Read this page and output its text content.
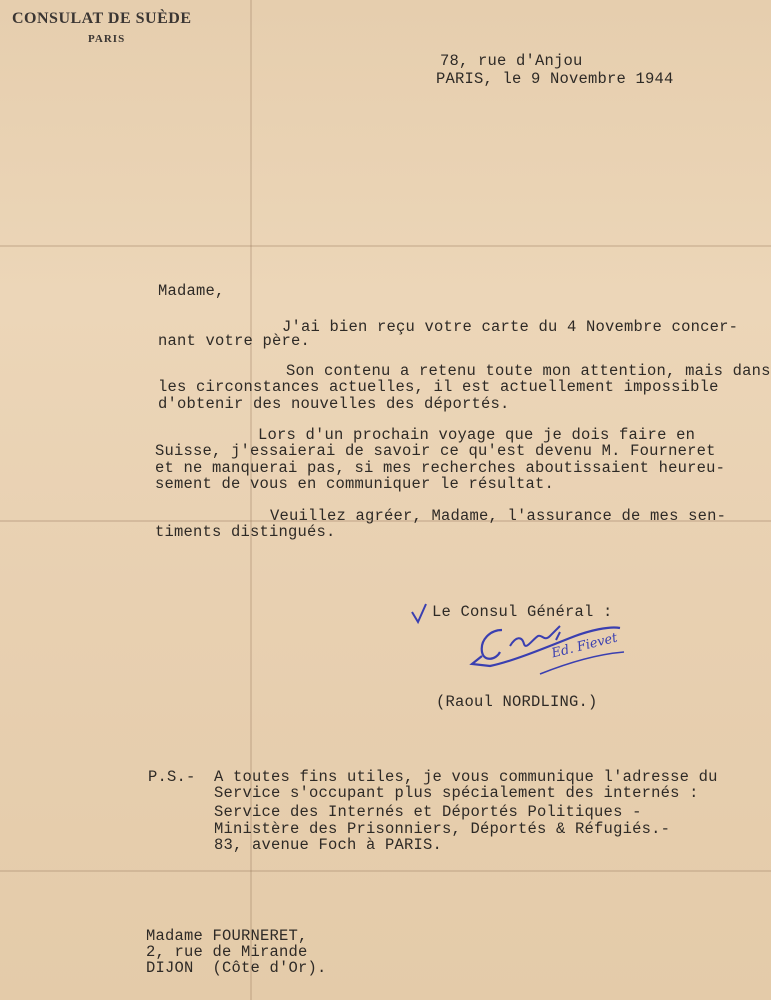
CONSULAT DE SUÈDE
PARIS
78, rue d'Anjou
PARIS, le 9 Novembre 1944
Madame,
J'ai bien reçu votre carte du 4 Novembre concer-
nant votre père.
Son contenu a retenu toute mon attention, mais dans
les circonstances actuelles, il est actuellement impossible
d'obtenir des nouvelles des déportés.
Lors d'un prochain voyage que je dois faire en
Suisse, j'essaierai de savoir ce qu'est devenu M. Fourneret
et ne manquerai pas, si mes recherches aboutissaient heureu-
sement de vous en communiquer le résultat.
Veuillez agréer, Madame, l'assurance de mes sen-
timents distingués.
Le Consul Général :
Ed. Fievet
(Raoul NORDLING.)
P.S.- A toutes fins utiles, je vous communique l'adresse du
Service s'occupant plus spécialement des internés :
Service des Internés et Déportés Politiques -
Ministère des Prisonniers, Déportés & Réfugiés.-
83, avenue Foch à PARIS.
Madame FOURNERET,
2, rue de Mirande
DIJON  (Côte d'Or).
